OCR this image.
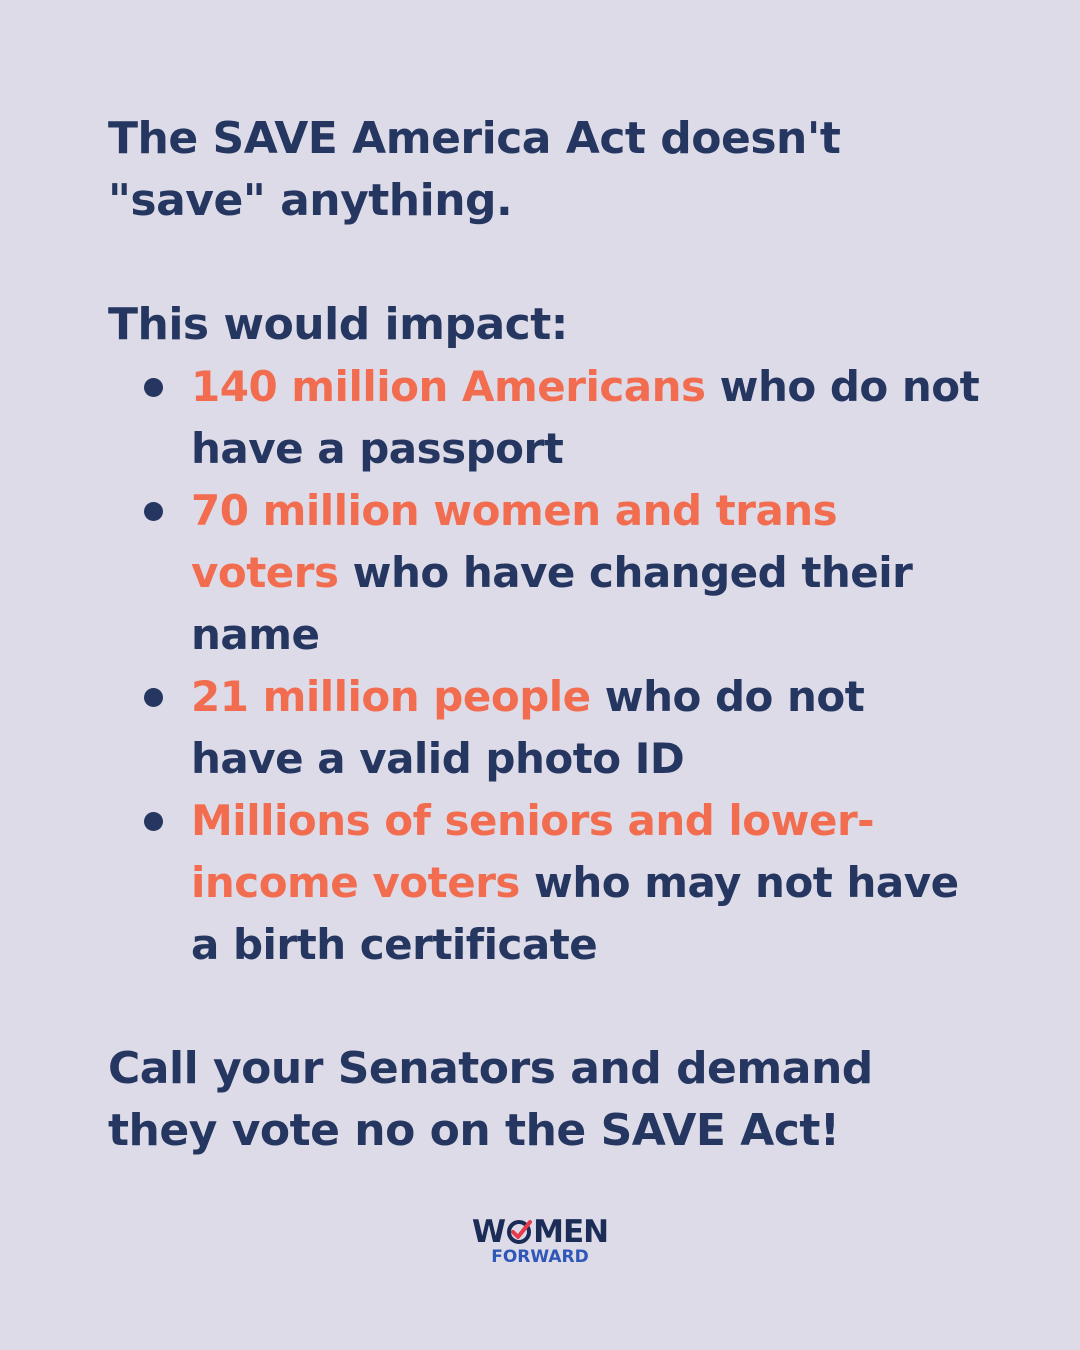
The SAVE America Act doesn't "save" anything.

This would impact:

140 million Americans who do not have a passport
70 million women and trans voters who have changed their name
21 million people who do not have a valid photo ID
Millions of seniors and lower-income voters who may not have a birth certificate

Call your Senators and demand they vote no on the SAVE Act!

W MEN
FORWARD
